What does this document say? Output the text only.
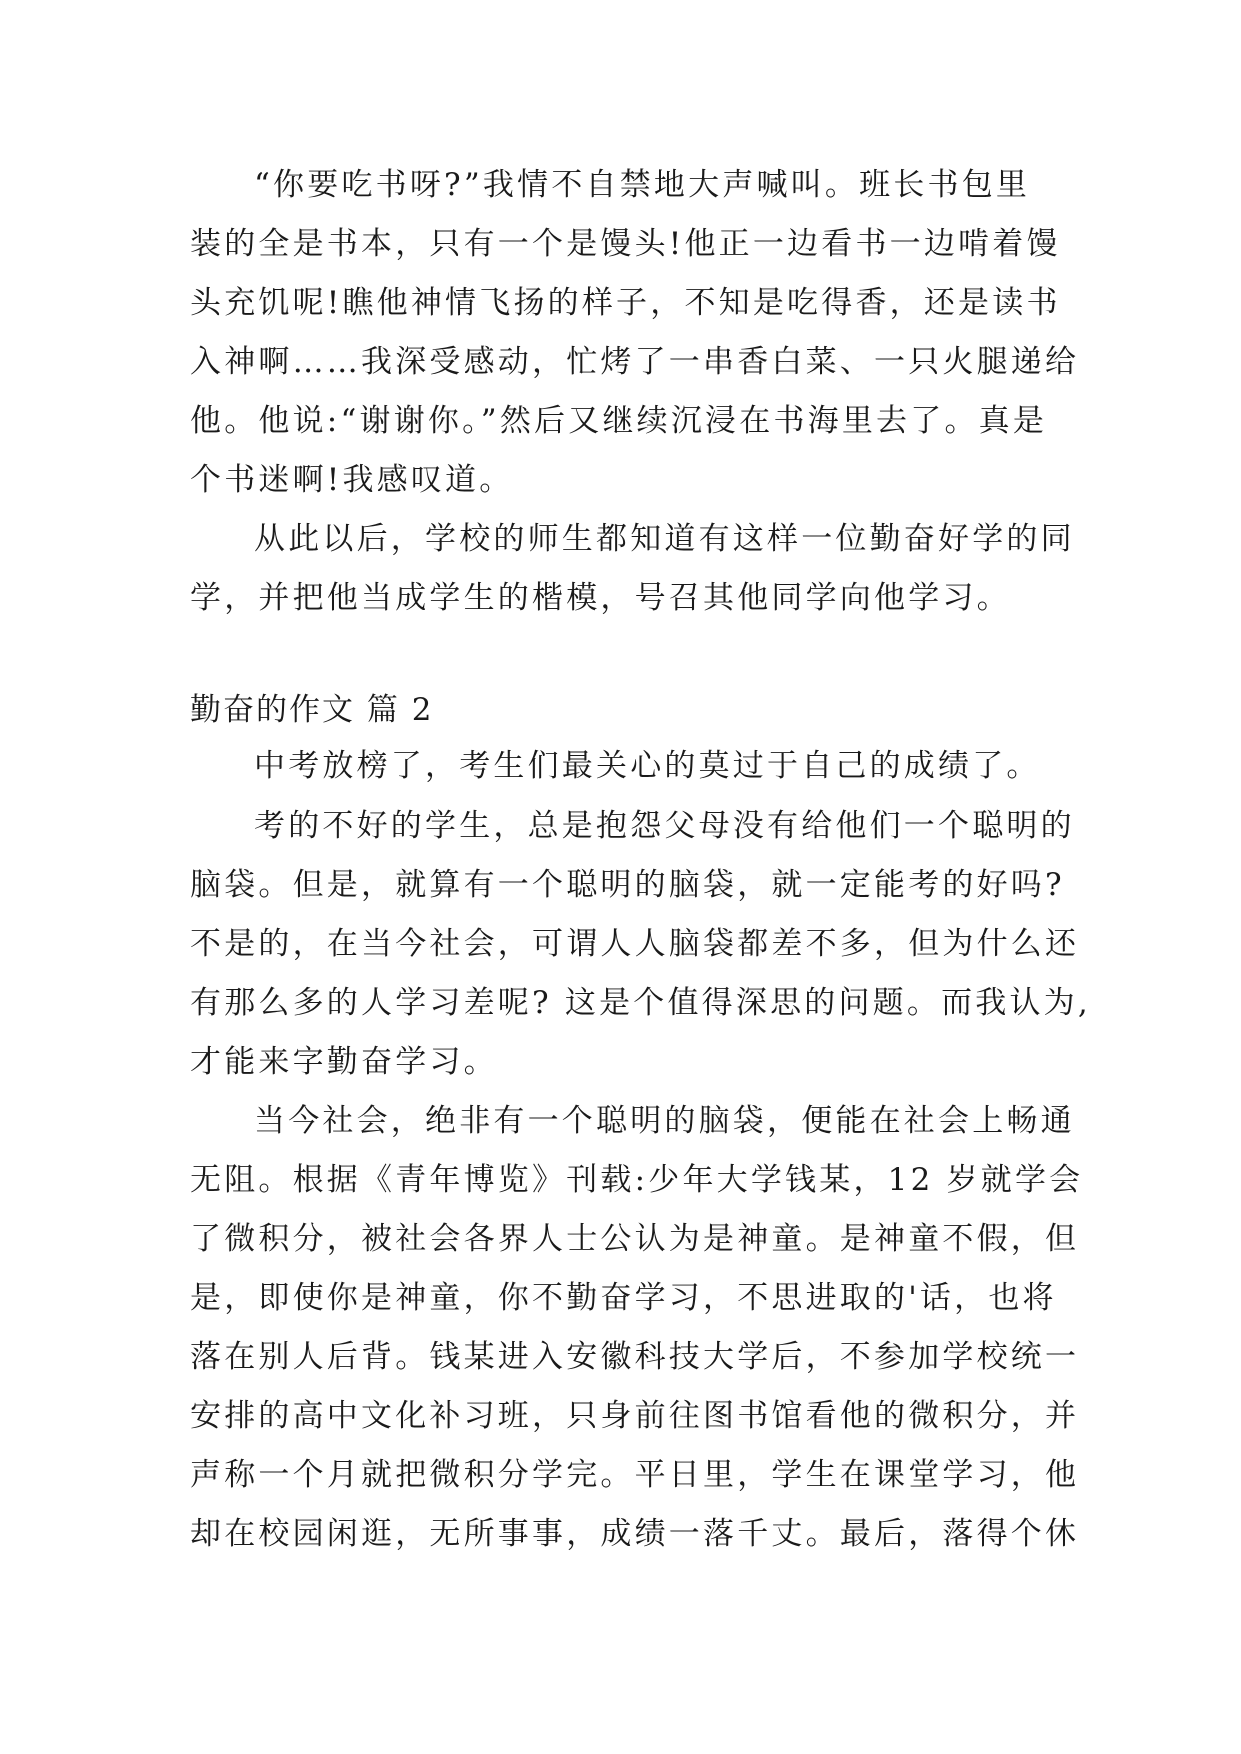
“你要吃书呀?”我情不自禁地大声喊叫。班长书包里

装的全是书本，只有一个是馒头!他正一边看书一边啃着馒

头充饥呢!瞧他神情飞扬的样子，不知是吃得香，还是读书

入神啊……我深受感动，忙烤了一串香白菜、一只火腿递给

他。他说:“谢谢你。”然后又继续沉浸在书海里去了。真是

个书迷啊!我感叹道。

从此以后，学校的师生都知道有这样一位勤奋好学的同

学，并把他当成学生的楷模，号召其他同学向他学习。

勤奋的作文 篇 2

中考放榜了，考生们最关心的莫过于自己的成绩了。

考的不好的学生，总是抱怨父母没有给他们一个聪明的

脑袋。但是，就算有一个聪明的脑袋，就一定能考的好吗?

不是的，在当今社会，可谓人人脑袋都差不多，但为什么还

有那么多的人学习差呢? 这是个值得深思的问题。而我认为,

才能来字勤奋学习。

当今社会，绝非有一个聪明的脑袋，便能在社会上畅通

无阻。根据《青年博览》刊载:少年大学钱某，12 岁就学会

了微积分，被社会各界人士公认为是神童。是神童不假，但

是，即使你是神童，你不勤奋学习，不思进取的'话，也将

落在别人后背。钱某进入安徽科技大学后，不参加学校统一

安排的高中文化补习班，只身前往图书馆看他的微积分，并

声称一个月就把微积分学完。平日里，学生在课堂学习，他

却在校园闲逛，无所事事，成绩一落千丈。最后，落得个休
